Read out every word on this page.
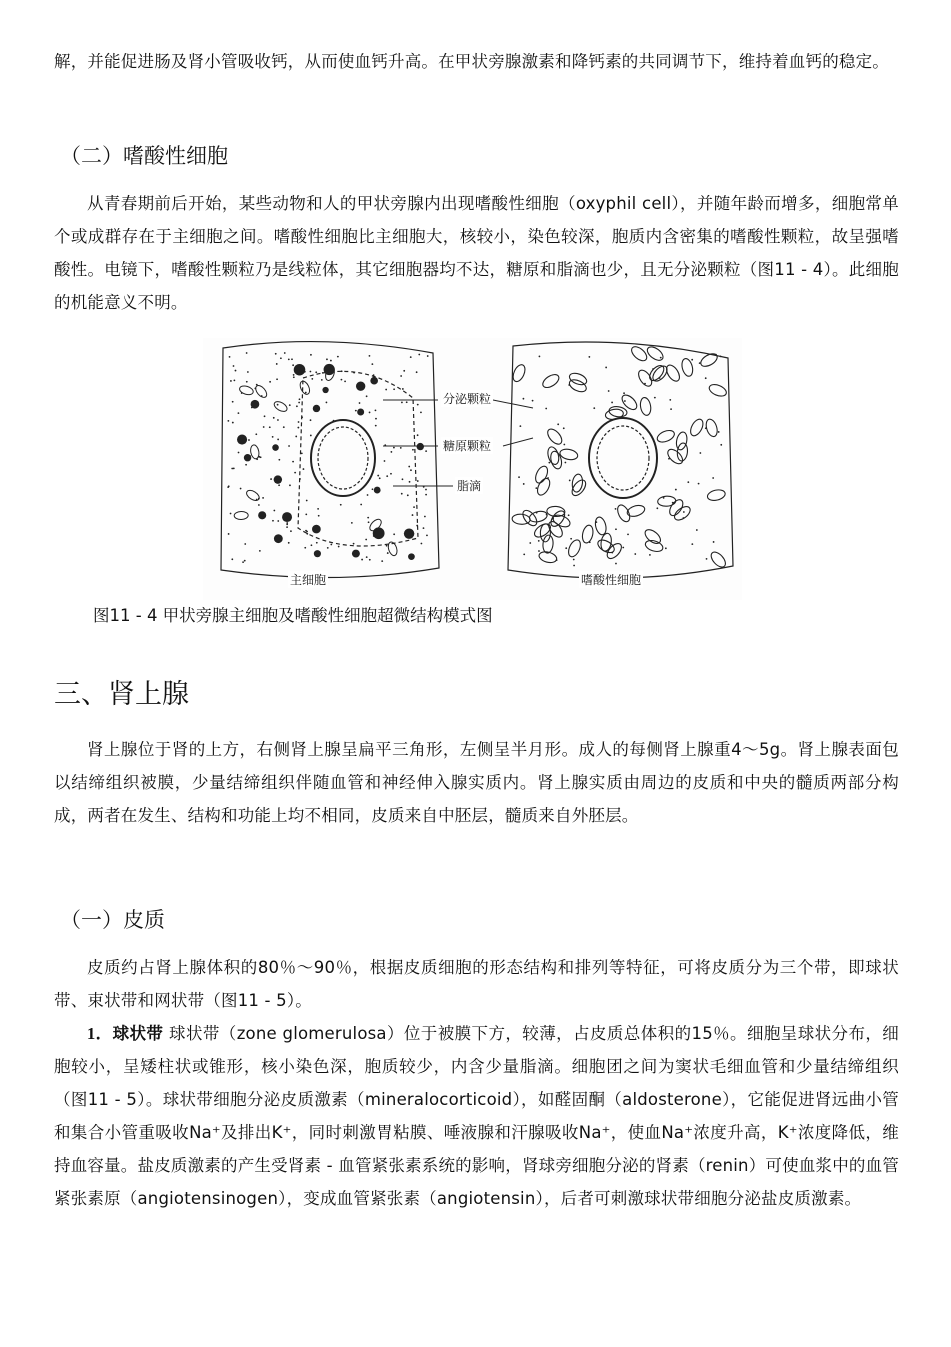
解，并能促进肠及肾小管吸收钙，从而使血钙升高。在甲状旁腺激素和降钙素的共同调节下，维持着血钙的稳定。

（二）嗜酸性细胞

从青春期前后开始，某些动物和人的甲状旁腺内出现嗜酸性细胞（oxyphil cell），并随年龄而增多，细胞常单个或成群存在于主细胞之间。嗜酸性细胞比主细胞大，核较小，染色较深，胞质内含密集的嗜酸性颗粒，故呈强嗜酸性。电镜下，嗜酸性颗粒乃是线粒体，其它细胞器均不达，糖原和脂滴也少，且无分泌颗粒（图11 - 4）。此细胞的机能意义不明。

分泌颗粒
糖原颗粒
脂滴
主细胞	嗜酸性细胞

图11 - 4 甲状旁腺主细胞及嗜酸性细胞超微结构模式图

三、肾上腺

肾上腺位于肾的上方，右侧肾上腺呈扁平三角形，左侧呈半月形。成人的每侧肾上腺重4～5g。肾上腺表面包以结缔组织被膜，少量结缔组织伴随血管和神经伸入腺实质内。肾上腺实质由周边的皮质和中央的髓质两部分构成，两者在发生、结构和功能上均不相同，皮质来自中胚层，髓质来自外胚层。

（一）皮质

皮质约占肾上腺体积的80％～90％，根据皮质细胞的形态结构和排列等特征，可将皮质分为三个带，即球状带、束状带和网状带（图11 - 5）。

1．球状带 球状带（zone glomerulosa）位于被膜下方，较薄，占皮质总体积的15％。细胞呈球状分布，细胞较小，呈矮柱状或锥形，核小染色深，胞质较少，内含少量脂滴。细胞团之间为窦状毛细血管和少量结缔组织（图11 - 5）。球状带细胞分泌皮质激素（mineralocorticoid），如醛固酮（aldosterone），它能促进肾远曲小管和集合小管重吸收Na⁺及排出K⁺，同时刺激胃粘膜、唾液腺和汗腺吸收Na⁺，使血Na⁺浓度升高，K⁺浓度降低，维持血容量。盐皮质激素的产生受肾素 - 血管紧张素系统的影响，肾球旁细胞分泌的肾素（renin）可使血浆中的血管紧张素原（angiotensinogen），变成血管紧张素（angiotensin），后者可刺激球状带细胞分泌盐皮质激素。
